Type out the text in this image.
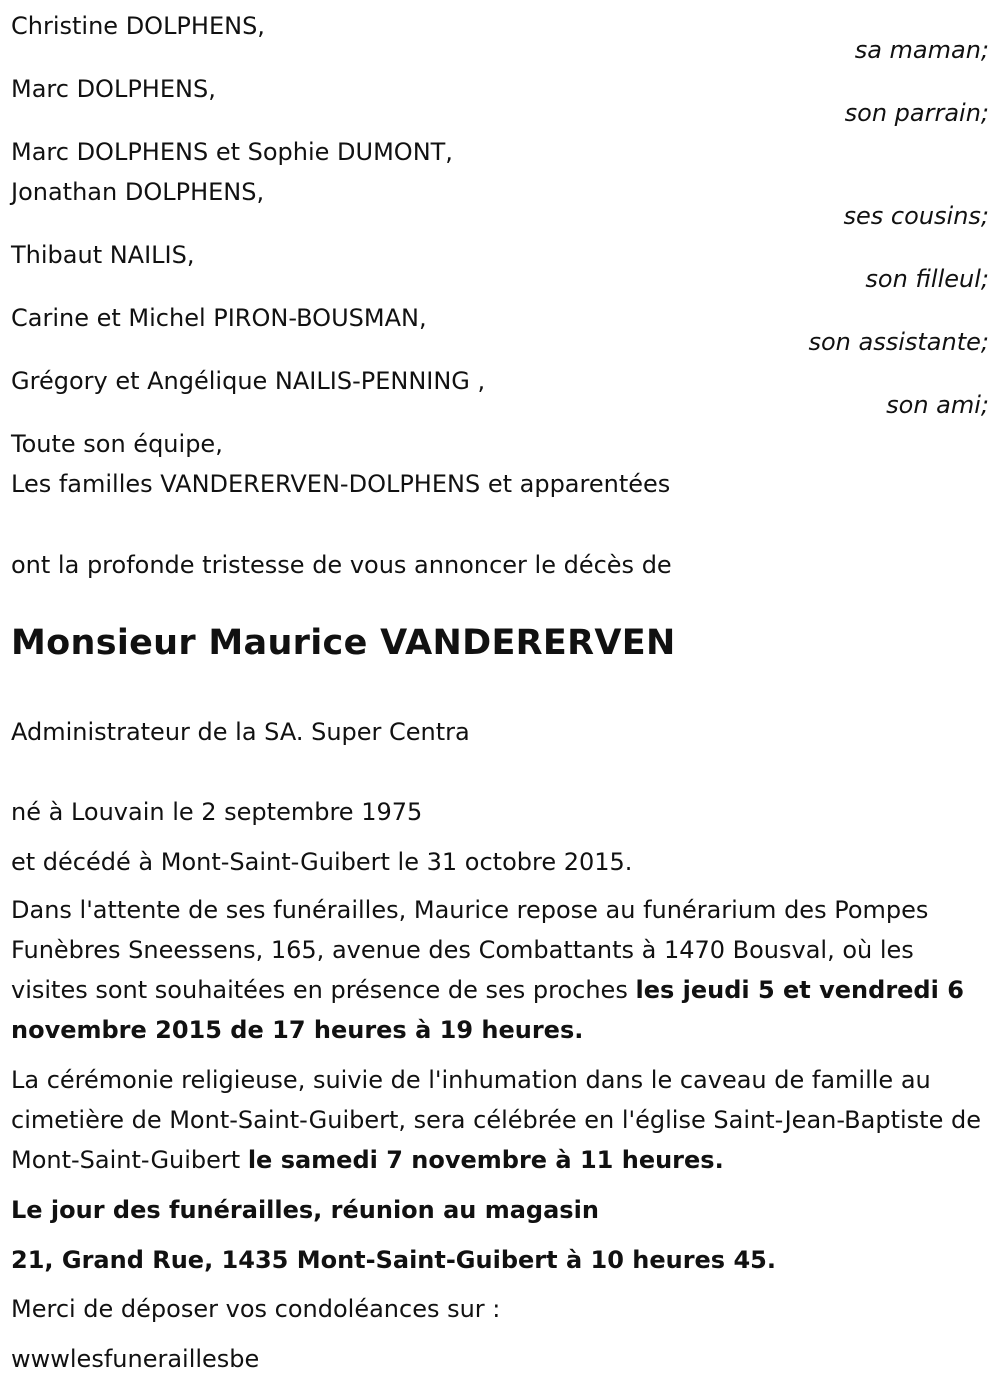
Christine DOLPHENS,
sa maman;
Marc DOLPHENS,
son parrain;
Marc DOLPHENS et Sophie DUMONT,
Jonathan DOLPHENS,
ses cousins;
Thibaut NAILIS,
son filleul;
Carine et Michel PIRON-BOUSMAN,
son assistante;
Grégory et Angélique NAILIS-PENNING ,
son ami;
Toute son équipe,
Les familles VANDERERVEN-DOLPHENS et apparentées
ont la profonde tristesse de vous annoncer le décès de
Monsieur Maurice VANDERERVEN
Administrateur de la SA. Super Centra
né à Louvain le 2 septembre 1975
et décédé à Mont-Saint-Guibert le 31 octobre 2015.
Dans l'attente de ses funérailles, Maurice repose au funérarium des Pompes Funèbres Sneessens, 165, avenue des Combattants à 1470 Bousval, où les visites sont souhaitées en présence de ses proches les jeudi 5 et vendredi 6 novembre 2015 de 17 heures à 19 heures.
La cérémonie religieuse, suivie de l'inhumation dans le caveau de famille au cimetière de Mont-Saint-Guibert, sera célébrée en l'église Saint-Jean-Baptiste de Mont-Saint-Guibert le samedi 7 novembre à 11 heures.
Le jour des funérailles, réunion au magasin
21, Grand Rue, 1435 Mont-Saint-Guibert à 10 heures 45.
Merci de déposer vos condoléances sur :
wwwlesfuneraillesbe
